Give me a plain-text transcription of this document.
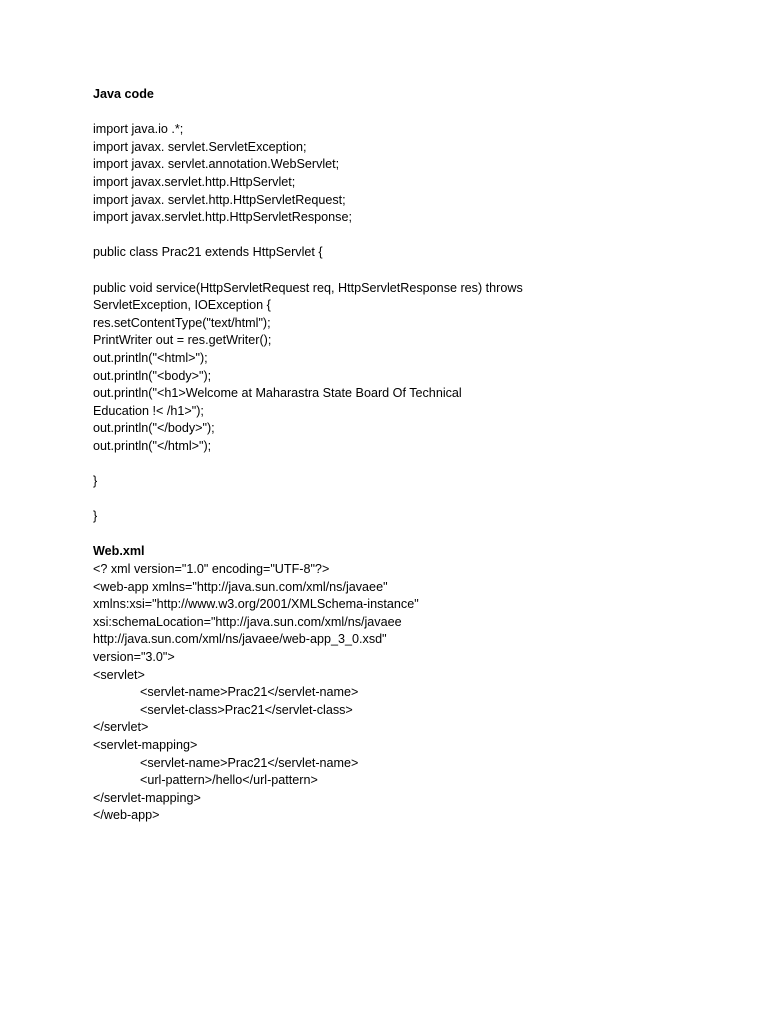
Java code
import java.io .*;
import javax. servlet.ServletException;
import javax. servlet.annotation.WebServlet;
import javax.servlet.http.HttpServlet;
import javax. servlet.http.HttpServletRequest;
import javax.servlet.http.HttpServletResponse;
public class Prac21 extends HttpServlet {
public void service(HttpServletRequest req, HttpServletResponse res) throws
ServletException, IOException {
res.setContentType("text/html");
PrintWriter out = res.getWriter();
out.println("<html>");
out.println("<body>");
out.println("<h1>Welcome at Maharastra State Board Of Technical
Education !< /h1>");
out.println("</body>");
out.println("</html>");
}
}
Web.xml
<? xml version="1.0" encoding="UTF-8"?>
<web-app xmlns="http://java.sun.com/xml/ns/javaee"
xmlns:xsi="http://www.w3.org/2001/XMLSchema-instance"
xsi:schemaLocation="http://java.sun.com/xml/ns/javaee
http://java.sun.com/xml/ns/javaee/web-app_3_0.xsd"
version="3.0">
<servlet>
<servlet-name>Prac21</servlet-name>
<servlet-class>Prac21</servlet-class>
</servlet>
<servlet-mapping>
<servlet-name>Prac21</servlet-name>
<url-pattern>/hello</url-pattern>
</servlet-mapping>
</web-app>
